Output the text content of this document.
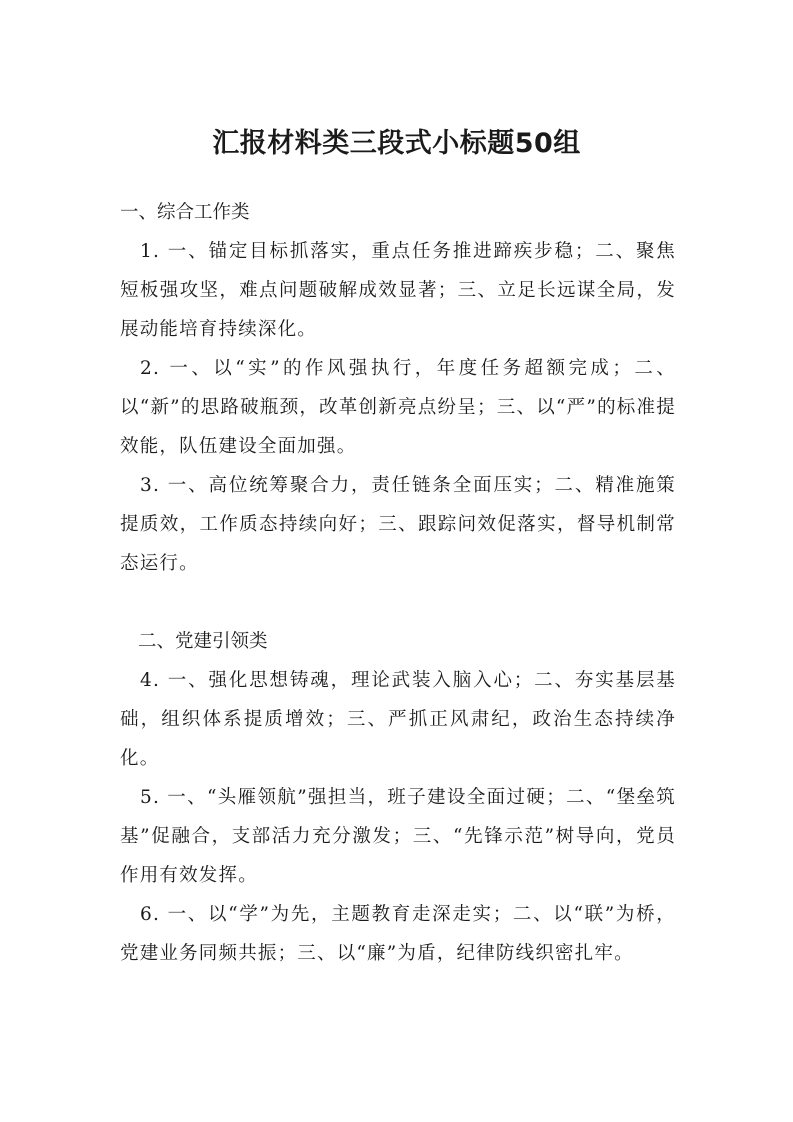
汇报材料类三段式小标题50组

一、综合工作类

1. 一、锚定目标抓落实，重点任务推进蹄疾步稳；二、聚焦短板强攻坚，难点问题破解成效显著；三、立足长远谋全局，发展动能培育持续深化。

2. 一、以“实”的作风强执行，年度任务超额完成；二、以“新”的思路破瓶颈，改革创新亮点纷呈；三、以“严”的标准提效能，队伍建设全面加强。

3. 一、高位统筹聚合力，责任链条全面压实；二、精准施策提质效，工作质态持续向好；三、跟踪问效促落实，督导机制常态运行。

二、党建引领类

4. 一、强化思想铸魂，理论武装入脑入心；二、夯实基层基础，组织体系提质增效；三、严抓正风肃纪，政治生态持续净化。

5. 一、“头雁领航”强担当，班子建设全面过硬；二、“堡垒筑基”促融合，支部活力充分激发；三、“先锋示范”树导向，党员作用有效发挥。

6. 一、以“学”为先，主题教育走深走实；二、以“联”为桥，党建业务同频共振；三、以“廉”为盾，纪律防线织密扎牢。
